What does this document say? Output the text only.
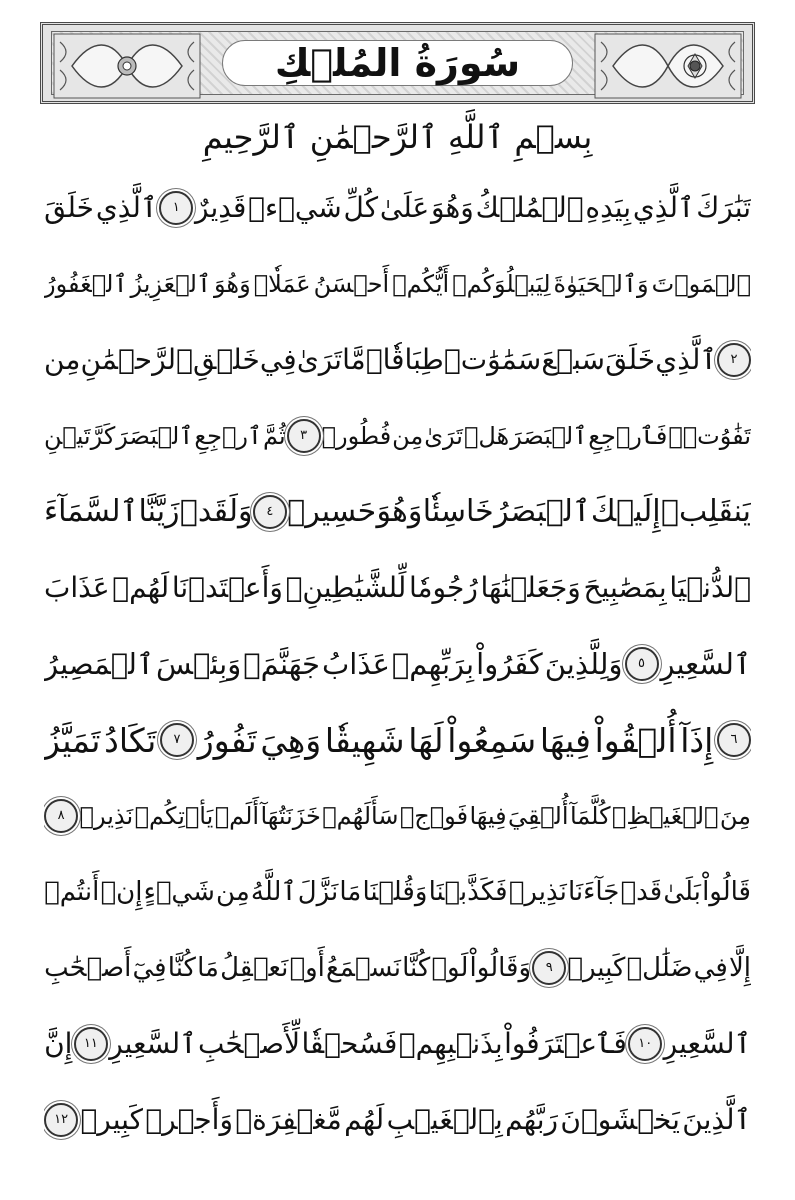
سُورَةُ المُلۡكِ
بِسۡمِ ٱللَّهِ ٱلرَّحۡمَٰنِ ٱلرَّحِيمِ
تَبَٰرَكَ
ٱلَّذِي
بِيَدِهِ
ٱلۡمُلۡكُ
وَهُوَ
عَلَىٰ
كُلِّ
شَيۡءٖ
قَدِيرٌ
١
ٱلَّذِي
خَلَقَ
ٱلۡمَوۡتَ
وَٱلۡحَيَوٰةَ
لِيَبۡلُوَكُمۡ
أَيُّكُمۡ
أَحۡسَنُ
عَمَلٗاۚ
وَهُوَ
ٱلۡعَزِيزُ
ٱلۡغَفُورُ
٢
ٱلَّذِي
خَلَقَ
سَبۡعَ
سَمَٰوَٰتٖ
طِبَاقٗاۖ
مَّا
تَرَىٰ
فِي
خَلۡقِ
ٱلرَّحۡمَٰنِ
مِن
تَفَٰوُتٖۖ
فَٱرۡجِعِ
ٱلۡبَصَرَ
هَلۡ
تَرَىٰ
مِن
فُطُورٖ
٣
ثُمَّ
ٱرۡجِعِ
ٱلۡبَصَرَ
كَرَّتَيۡنِ
يَنقَلِبۡ
إِلَيۡكَ
ٱلۡبَصَرُ
خَاسِئٗا
وَهُوَ
حَسِيرٞ
٤
وَلَقَدۡ
زَيَّنَّا
ٱلسَّمَآءَ
ٱلدُّنۡيَا
بِمَصَٰبِيحَ
وَجَعَلۡنَٰهَا
رُجُومٗا
لِّلشَّيَٰطِينِۖ
وَأَعۡتَدۡنَا
لَهُمۡ
عَذَابَ
ٱلسَّعِيرِ
٥
وَلِلَّذِينَ
كَفَرُواْ
بِرَبِّهِمۡ
عَذَابُ
جَهَنَّمَۖ
وَبِئۡسَ
ٱلۡمَصِيرُ
٦
إِذَآ
أُلۡقُواْ
فِيهَا
سَمِعُواْ
لَهَا
شَهِيقٗا
وَهِيَ
تَفُورُ
٧
تَكَادُ
تَمَيَّزُ
مِنَ
ٱلۡغَيۡظِۖ
كُلَّمَآ
أُلۡقِيَ
فِيهَا
فَوۡجٞ
سَأَلَهُمۡ
خَزَنَتُهَآ
أَلَمۡ
يَأۡتِكُمۡ
نَذِيرٞ
٨
قَالُواْ
بَلَىٰ
قَدۡ
جَآءَنَا
نَذِيرٞ
فَكَذَّبۡنَا
وَقُلۡنَا
مَا
نَزَّلَ
ٱللَّهُ
مِن
شَيۡءٍ
إِنۡ
أَنتُمۡ
إِلَّا
فِي
ضَلَٰلٖ
كَبِيرٖ
٩
وَقَالُواْ
لَوۡ
كُنَّا
نَسۡمَعُ
أَوۡ
نَعۡقِلُ
مَا
كُنَّا
فِيٓ
أَصۡحَٰبِ
ٱلسَّعِيرِ
١٠
فَٱعۡتَرَفُواْ
بِذَنۢبِهِمۡ
فَسُحۡقٗا
لِّأَصۡحَٰبِ
ٱلسَّعِيرِ
١١
إِنَّ
ٱلَّذِينَ
يَخۡشَوۡنَ
رَبَّهُم
بِٱلۡغَيۡبِ
لَهُم
مَّغۡفِرَةٞ
وَأَجۡرٞ
كَبِيرٞ
١٢
